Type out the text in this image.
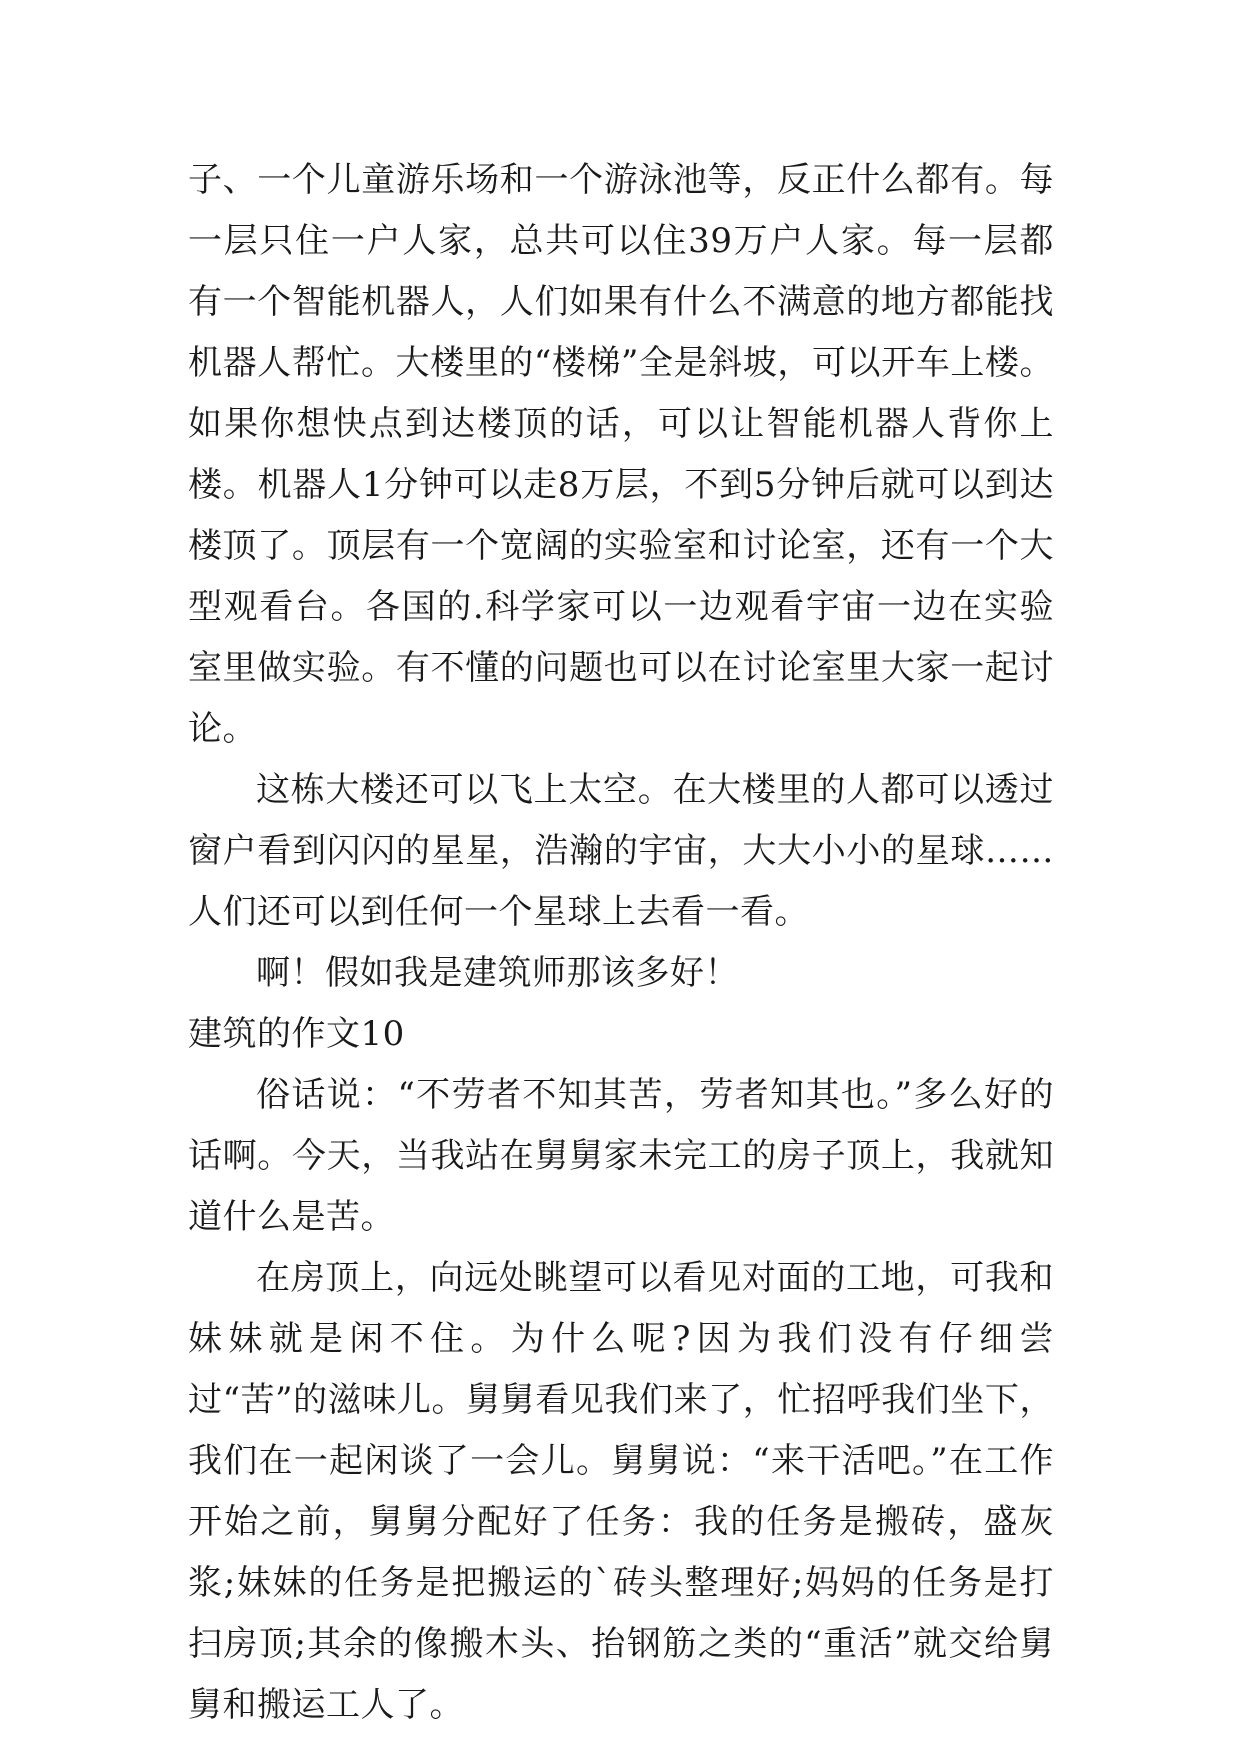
子、一个儿童游乐场和一个游泳池等，反正什么都有。每一层只住一户人家，总共可以住39万户人家。每一层都有一个智能机器人，人们如果有什么不满意的地方都能找机器人帮忙。大楼里的“楼梯”全是斜坡，可以开车上楼。如果你想快点到达楼顶的话，可以让智能机器人背你上楼。机器人1分钟可以走8万层，不到5分钟后就可以到达楼顶了。顶层有一个宽阔的实验室和讨论室，还有一个大型观看台。各国的.科学家可以一边观看宇宙一边在实验室里做实验。有不懂的问题也可以在讨论室里大家一起讨论。

这栋大楼还可以飞上太空。在大楼里的人都可以透过窗户看到闪闪的星星，浩瀚的宇宙，大大小小的星球……人们还可以到任何一个星球上去看一看。

啊！假如我是建筑师那该多好！

建筑的作文10

俗话说：“不劳者不知其苦，劳者知其也。”多么好的话啊。今天，当我站在舅舅家未完工的房子顶上，我就知道什么是苦。

在房顶上，向远处眺望可以看见对面的工地，可我和妹妹就是闲不住。为什么呢?因为我们没有仔细尝过“苦”的滋味儿。舅舅看见我们来了，忙招呼我们坐下，我们在一起闲谈了一会儿。舅舅说：“来干活吧。”在工作开始之前，舅舅分配好了任务：我的任务是搬砖，盛灰浆;妹妹的任务是把搬运的`砖头整理好;妈妈的任务是打扫房顶;其余的像搬木头、抬钢筋之类的“重活”就交给舅舅和搬运工人了。
